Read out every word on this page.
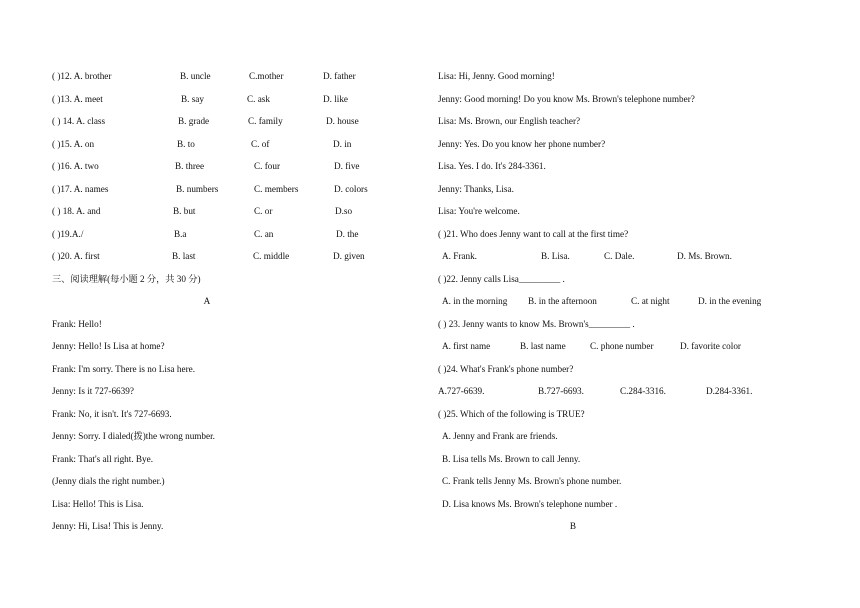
( )12. A. brother	B. uncle	C.mother	D. father
( )13. A. meet	B. say	C. ask	D. like
( ) 14. A. class	B. grade	C. family	D. house
( )15. A. on	B. to	C. of	D. in
( )16. A. two	B. three	C. four	D. five
( )17. A. names	B. numbers	C. members	D. colors
( ) 18. A. and	B. but	C. or	D.so
( )19.A./	B.a	C. an	D. the
( )20. A. first	B. last	C. middle	D. given
三、阅读理解(每小题 2 分，共 30 分)
A
Frank: Hello!
Jenny: Hello! Is Lisa at home?
Frank: I'm sorry. There is no Lisa here.
Jenny: Is it 727-6639?
Frank: No, it isn't. It's 727-6693.
Jenny: Sorry. I dialed(拨)the wrong number.
Frank: That's all right. Bye.
(Jenny dials the right number.)
Lisa: Hello! This is Lisa.
Jenny: Hi, Lisa! This is Jenny.
Lisa: Hi, Jenny. Good morning!
Jenny: Good morning! Do you know Ms. Brown's telephone number?
Lisa: Ms. Brown, our English teacher?
Jenny: Yes. Do you know her phone number?
Lisa. Yes. I do. It's 284-3361.
Jenny: Thanks, Lisa.
Lisa: You're welcome.
( )21. Who does Jenny want to call at the first time?
A. Frank.	B. Lisa.	C. Dale.	D. Ms. Brown.
( )22. Jenny calls Lisa_________ .
A. in the morning B. in the afternoon	C. at night	D. in the evening
( ) 23. Jenny wants to know Ms. Brown's_________ .
A. first name	B. last name	C. phone number	D. favorite color
( )24. What's Frank's phone number?
A.727-6639.	B.727-6693.	C.284-3316.	D.284-3361.
( )25. Which of the following is TRUE?
A. Jenny and Frank are friends.
B. Lisa tells Ms. Brown to call Jenny.
C. Frank tells Jenny Ms. Brown's phone number.
D. Lisa knows Ms. Brown's telephone number .
B
